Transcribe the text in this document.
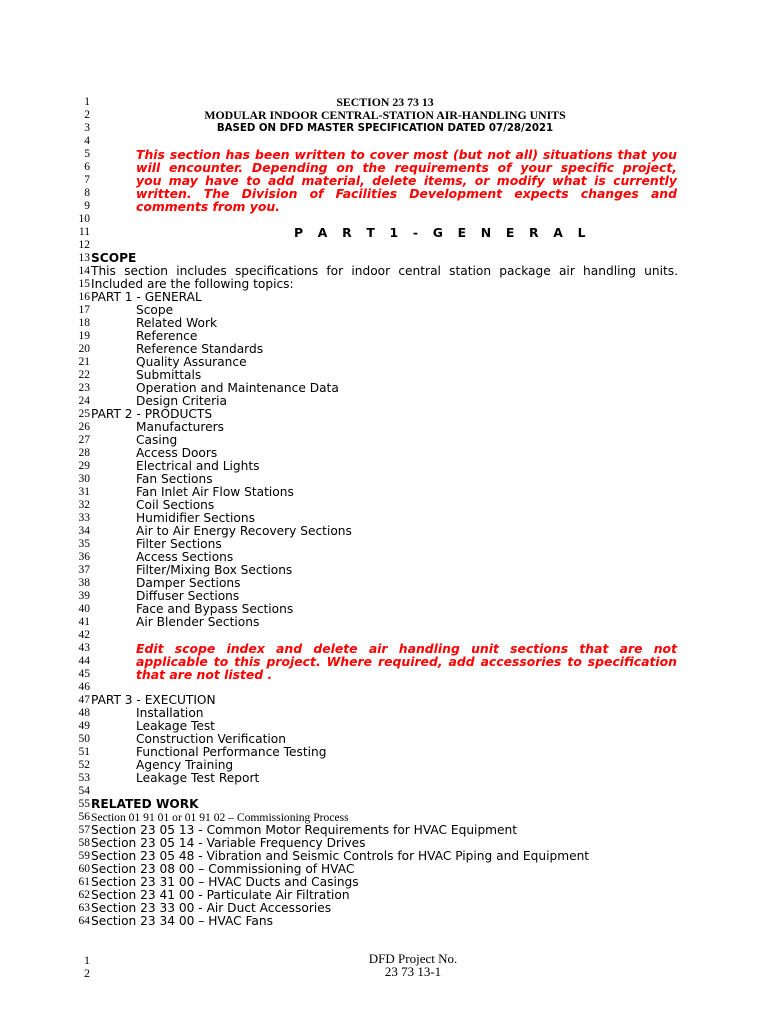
1	SECTION 23 73 13
2	MODULAR INDOOR CENTRAL-STATION AIR-HANDLING UNITS
3	BASED ON DFD MASTER SPECIFICATION DATED 07/28/2021
4
5	This section has been written to cover most (but not all) situations that you
6	will encounter. Depending on the requirements of your specific project,
7	you may have to add material, delete items, or modify what is currently
8	written. The Division of Facilities Development expects changes and
9	comments from you.
10
11	P A R T 1 - G E N E R A L
12
13 SCOPE
14 This section includes specifications for indoor central station package air handling units.
15 Included are the following topics:
16 PART 1 - GENERAL
17	Scope
18	Related Work
19	Reference
20	Reference Standards
21	Quality Assurance
22	Submittals
23	Operation and Maintenance Data
24	Design Criteria
25 PART 2 - PRODUCTS
26	Manufacturers
27	Casing
28	Access Doors
29	Electrical and Lights
30	Fan Sections
31	Fan Inlet Air Flow Stations
32	Coil Sections
33	Humidifier Sections
34	Air to Air Energy Recovery Sections
35	Filter Sections
36	Access Sections
37	Filter/Mixing Box Sections
38	Damper Sections
39	Diffuser Sections
40	Face and Bypass Sections
41	Air Blender Sections
42
43	Edit scope index and delete air handling unit sections that are not
44	applicable to this project. Where required, add accessories to specification
45	that are not listed .
46
47 PART 3 - EXECUTION
48	Installation
49	Leakage Test
50	Construction Verification
51	Functional Performance Testing
52	Agency Training
53	Leakage Test Report
54
55 RELATED WORK
56 Section 01 91 01 or 01 91 02 – Commissioning Process
57 Section 23 05 13 - Common Motor Requirements for HVAC Equipment
58 Section 23 05 14 - Variable Frequency Drives
59 Section 23 05 48 - Vibration and Seismic Controls for HVAC Piping and Equipment
60 Section 23 08 00 – Commissioning of HVAC
61 Section 23 31 00 – HVAC Ducts and Casings
62 Section 23 41 00 - Particulate Air Filtration
63 Section 23 33 00 - Air Duct Accessories
64 Section 23 34 00 – HVAC Fans
1
2
DFD Project No.
23 73 13-1
